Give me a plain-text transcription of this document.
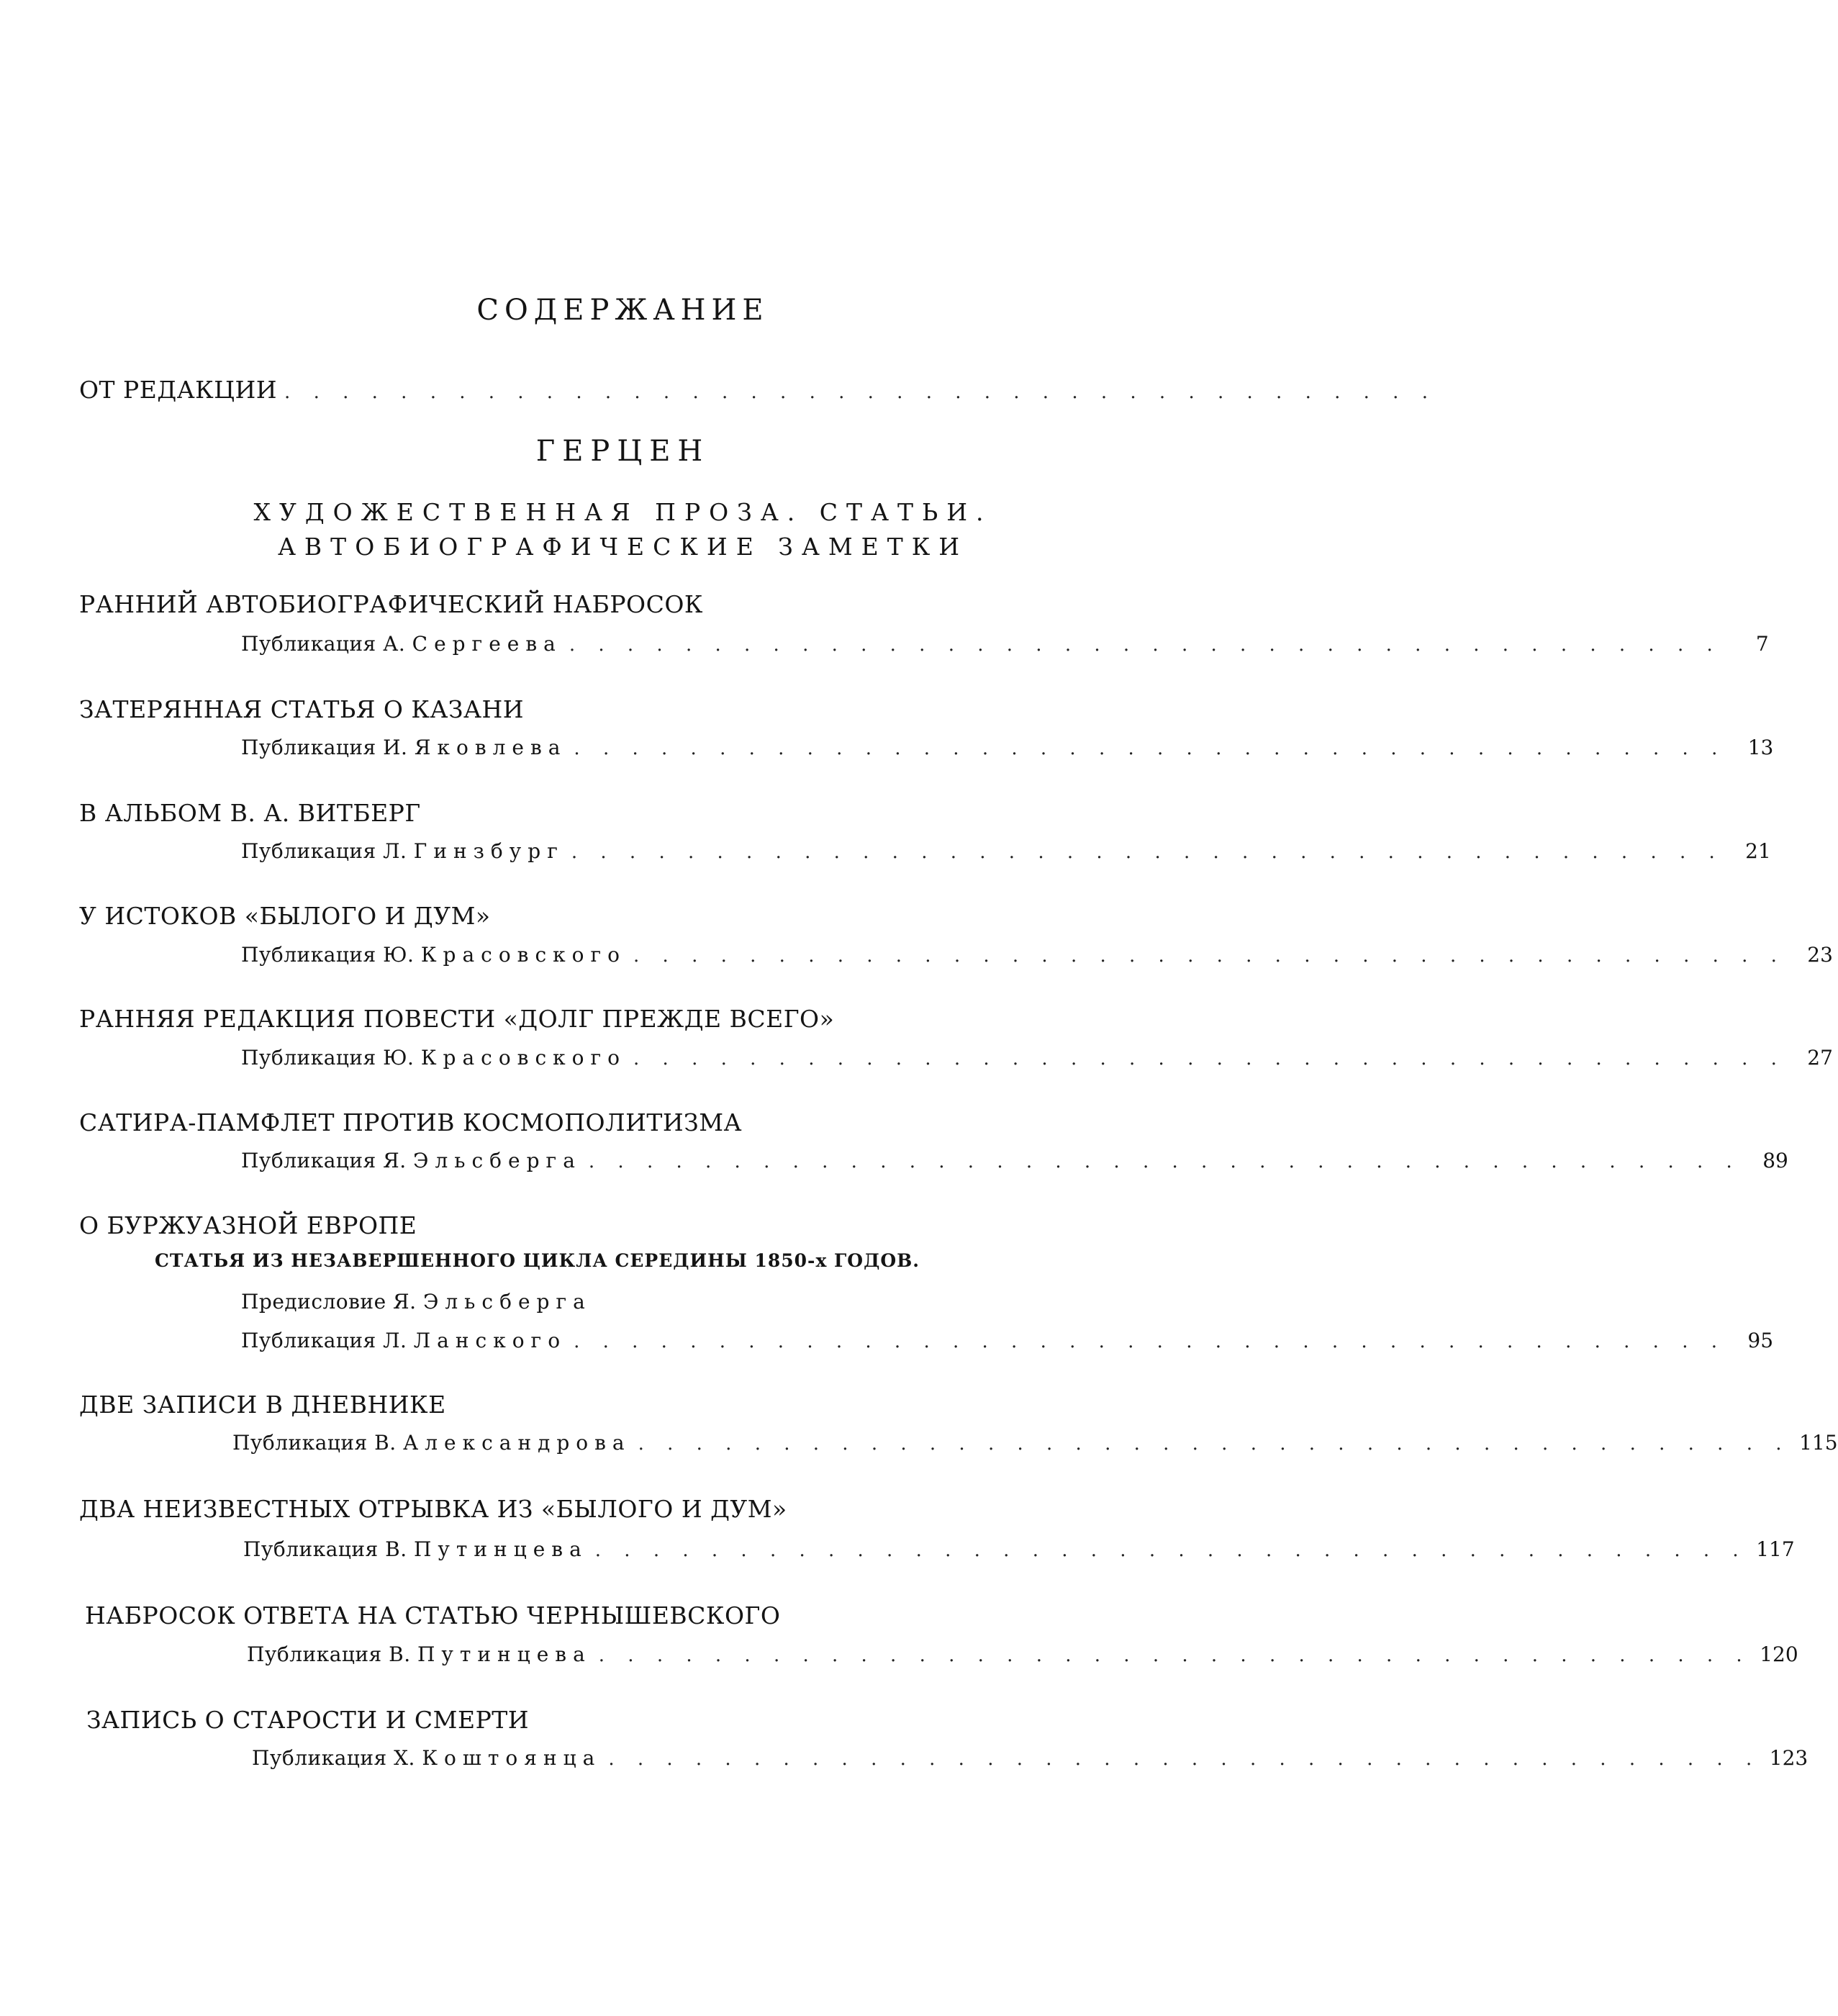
СОДЕРЖАНИЕ
ОТ РЕДАКЦИИ . . . . . . . . . . . . . . . . . . . . . . . . . . . . . . . . . . . . . . . .
ГЕРЦЕН
ХУДОЖЕСТВЕННАЯ ПРОЗА. СТАТЬИ.
АВТОБИОГРАФИЧЕСКИЕ ЗАМЕТКИ
РАННИЙ АВТОБИОГРАФИЧЕСКИЙ НАБРОСОК
Публикация А. Сергеева . . . . . . . . . . . . . . . . . . . . . . . . . . . . . . . . . . . . . . . .	7
ЗАТЕРЯННАЯ СТАТЬЯ О КАЗАНИ
Публикация И. Яковлева . . . . . . . . . . . . . . . . . . . . . . . . . . . . . . . . . . . . . . . .	13
В АЛЬБОМ В. А. ВИТБЕРГ
Публикация Л. Гинзбург . . . . . . . . . . . . . . . . . . . . . . . . . . . . . . . . . . . . . . . .	21
У ИСТОКОВ «БЫЛОГО И ДУМ»
Публикация Ю. Красовского . . . . . . . . . . . . . . . . . . . . . . . . . . . . . . . . . . . . . . . .	23
РАННЯЯ РЕДАКЦИЯ ПОВЕСТИ «ДОЛГ ПРЕЖДЕ ВСЕГО»
Публикация Ю. Красовского . . . . . . . . . . . . . . . . . . . . . . . . . . . . . . . . . . . . . . . .	27
САТИРА-ПАМФЛЕТ ПРОТИВ КОСМОПОЛИТИЗМА
Публикация Я. Эльсберга . . . . . . . . . . . . . . . . . . . . . . . . . . . . . . . . . . . . . . . .	89
О БУРЖУАЗНОЙ ЕВРОПЕ
СТАТЬЯ ИЗ НЕЗАВЕРШЕННОГО ЦИКЛА СЕРЕДИНЫ 1850-х ГОДОВ.
Предисловие Я. Эльсберга
Публикация Л. Ланского . . . . . . . . . . . . . . . . . . . . . . . . . . . . . . . . . . . . . . . .	95
ДВЕ ЗАПИСИ В ДНЕВНИКЕ
Публикация В. Александрова . . . . . . . . . . . . . . . . . . . . . . . . . . . . . . . . . . . . . . . . 115
ДВА НЕИЗВЕСТНЫХ ОТРЫВКА ИЗ «БЫЛОГО И ДУМ»
Публикация В. Путинцева . . . . . . . . . . . . . . . . . . . . . . . . . . . . . . . . . . . . . . . . 117
НАБРОСОК ОТВЕТА НА СТАТЬЮ ЧЕРНЫШЕВСКОГО
Публикация В. Путинцева . . . . . . . . . . . . . . . . . . . . . . . . . . . . . . . . . . . . . . . . 120
ЗАПИСЬ О СТАРОСТИ И СМЕРТИ
Публикация Х. Коштоянца . . . . . . . . . . . . . . . . . . . . . . . . . . . . . . . . . . . . . . . . 123
